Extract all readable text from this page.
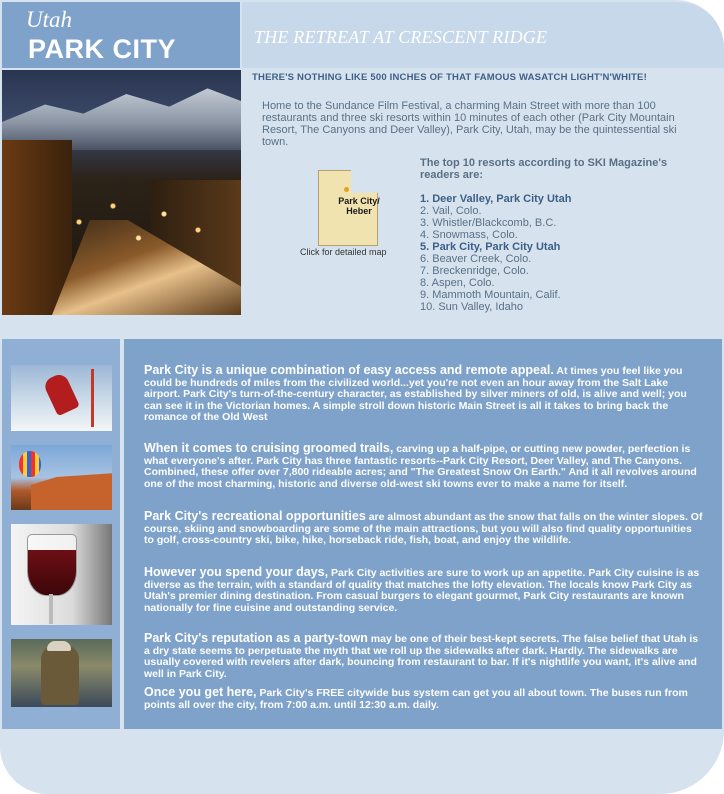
Utah
PARK CITY	THE RETREAT AT CRESCENT RIDGE
THERE'S NOTHING LIKE 500 INCHES OF THAT FAMOUS WASATCH LIGHT'N'WHITE!
Home to the Sundance Film Festival, a charming Main Street with more than 100 restaurants and three ski resorts within 10 minutes of each other (Park City Mountain Resort, The Canyons and Deer Valley), Park City, Utah, may be the quintessential ski town.
Park City/ Heber
Click for detailed map
The top 10 resorts according to SKI Magazine's readers are:
1. Deer Valley, Park City Utah
2. Vail, Colo.
3. Whistler/Blackcomb, B.C.
4. Snowmass, Colo.
5. Park City, Park City Utah
6. Beaver Creek, Colo.
7. Breckenridge, Colo.
8. Aspen, Colo.
9. Mammoth Mountain, Calif.
10. Sun Valley, Idaho
Park City is a unique combination of easy access and remote appeal. At times you feel like you could be hundreds of miles from the civilized world...yet you're not even an hour away from the Salt Lake airport. Park City's turn-of-the-century character, as established by silver miners of old, is alive and well; you can see it in the Victorian homes. A simple stroll down historic Main Street is all it takes to bring back the romance of the Old West
When it comes to cruising groomed trails, carving up a half-pipe, or cutting new powder, perfection is what everyone's after. Park City has three fantastic resorts--Park City Resort, Deer Valley, and The Canyons. Combined, these offer over 7,800 rideable acres; and "The Greatest Snow On Earth." And it all revolves around one of the most charming, historic and diverse old-west ski towns ever to make a name for itself.
Park City's recreational opportunities are almost abundant as the snow that falls on the winter slopes. Of course, skiing and snowboarding are some of the main attractions, but you will also find quality opportunities to golf, cross-country ski, bike, hike, horseback ride, fish, boat, and enjoy the wildlife.
However you spend your days, Park City activities are sure to work up an appetite. Park City cuisine is as diverse as the terrain, with a standard of quality that matches the lofty elevation. The locals know Park City as Utah's premier dining destination. From casual burgers to elegant gourmet, Park City restaurants are known nationally for fine cuisine and outstanding service.
Park City's reputation as a party-town may be one of their best-kept secrets. The false belief that Utah is a dry state seems to perpetuate the myth that we roll up the sidewalks after dark. Hardly. The sidewalks are usually covered with revelers after dark, bouncing from restaurant to bar. If it's nightlife you want, it's alive and well in Park City.
Once you get here, Park City's FREE citywide bus system can get you all about town. The buses run from points all over the city, from 7:00 a.m. until 12:30 a.m. daily.
